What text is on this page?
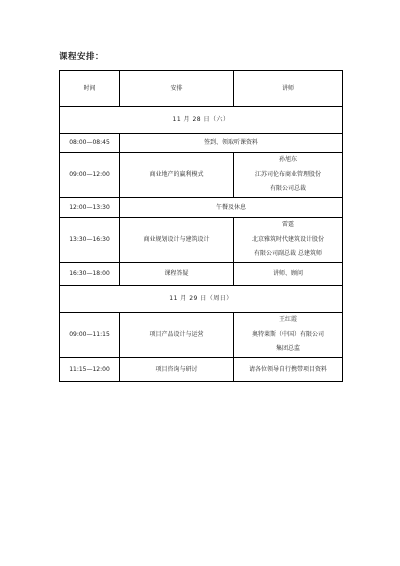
课程安排：
时间	安排	讲师
11 月 28 日（六）		
08:00—08:45	签到、领取听课资料	
09:00—12:00	商业地产的赢利模式	孙旭东
江苏司伦布商业管理股份
有限公司总裁

12:00—13:30	午餐及休息	
13:30—16:30	商业规划设计与建筑设计	雷霆
北京雅筑时代建筑设计股份
有限公司副总裁 总建筑师

16:30—18:00	课程答疑	讲师、顾问
11 月 29 日（周日）		
09:00—11:15	项目产品设计与运营	王红霞
奥特莱斯（中国）有限公司
集团总监

11:15—12:00	项目咨询与研讨	请各位领导自行携带项目资料
